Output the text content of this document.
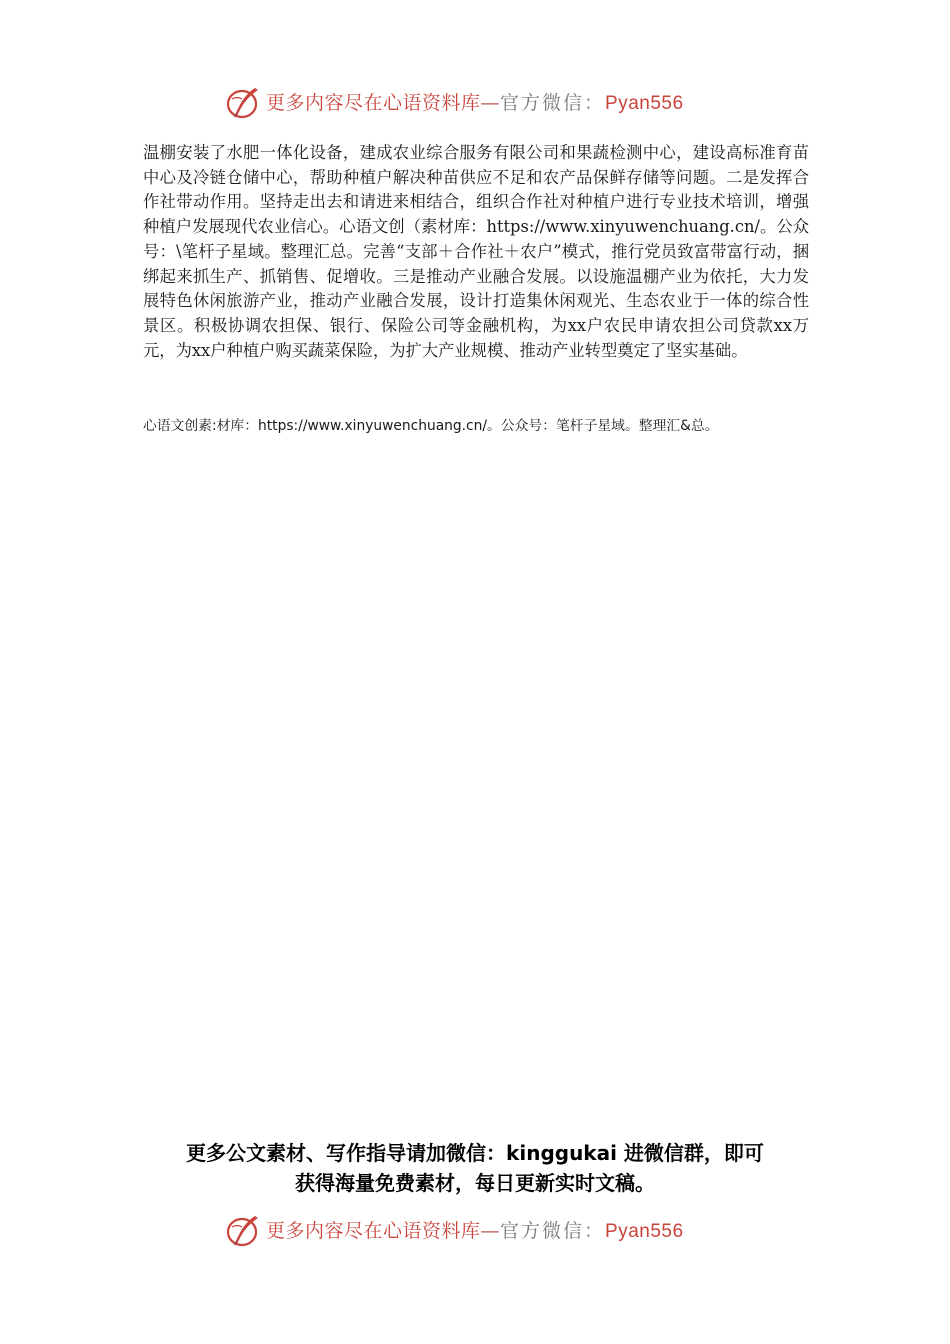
更多内容尽在心语资料库—官方微信：Pyan556

温棚安装了水肥一体化设备，建成农业综合服务有限公司和果蔬检测中心，建设高标准育苗中心及冷链仓储中心，帮助种植户解决种苗供应不足和农产品保鲜存储等问题。二是发挥合作社带动作用。坚持走出去和请进来相结合，组织合作社对种植户进行专业技术培训，增强种植户发展现代农业信心。心语文创（素材库：https://www.xinyuwenchuang.cn/。公众号：\笔杆子星域。整理汇总。完善“支部＋合作社＋农户”模式，推行党员致富带富行动，捆绑起来抓生产、抓销售、促增收。三是推动产业融合发展。以设施温棚产业为依托，大力发展特色休闲旅游产业，推动产业融合发展，设计打造集休闲观光、生态农业于一体的综合性景区。积极协调农担保、银行、保险公司等金融机构，为xx户农民申请农担公司贷款xx万元，为xx户种植户购买蔬菜保险，为扩大产业规模、推动产业转型奠定了坚实基础。

心语文创素:材库：https://www.xinyuwenchuang.cn/。公众号：笔杆子星域。整理汇&总。

更多公文素材、写作指导请加微信：kinggukai 进微信群，即可
获得海量免费素材，每日更新实时文稿。
更多内容尽在心语资料库—官方微信：Pyan556
